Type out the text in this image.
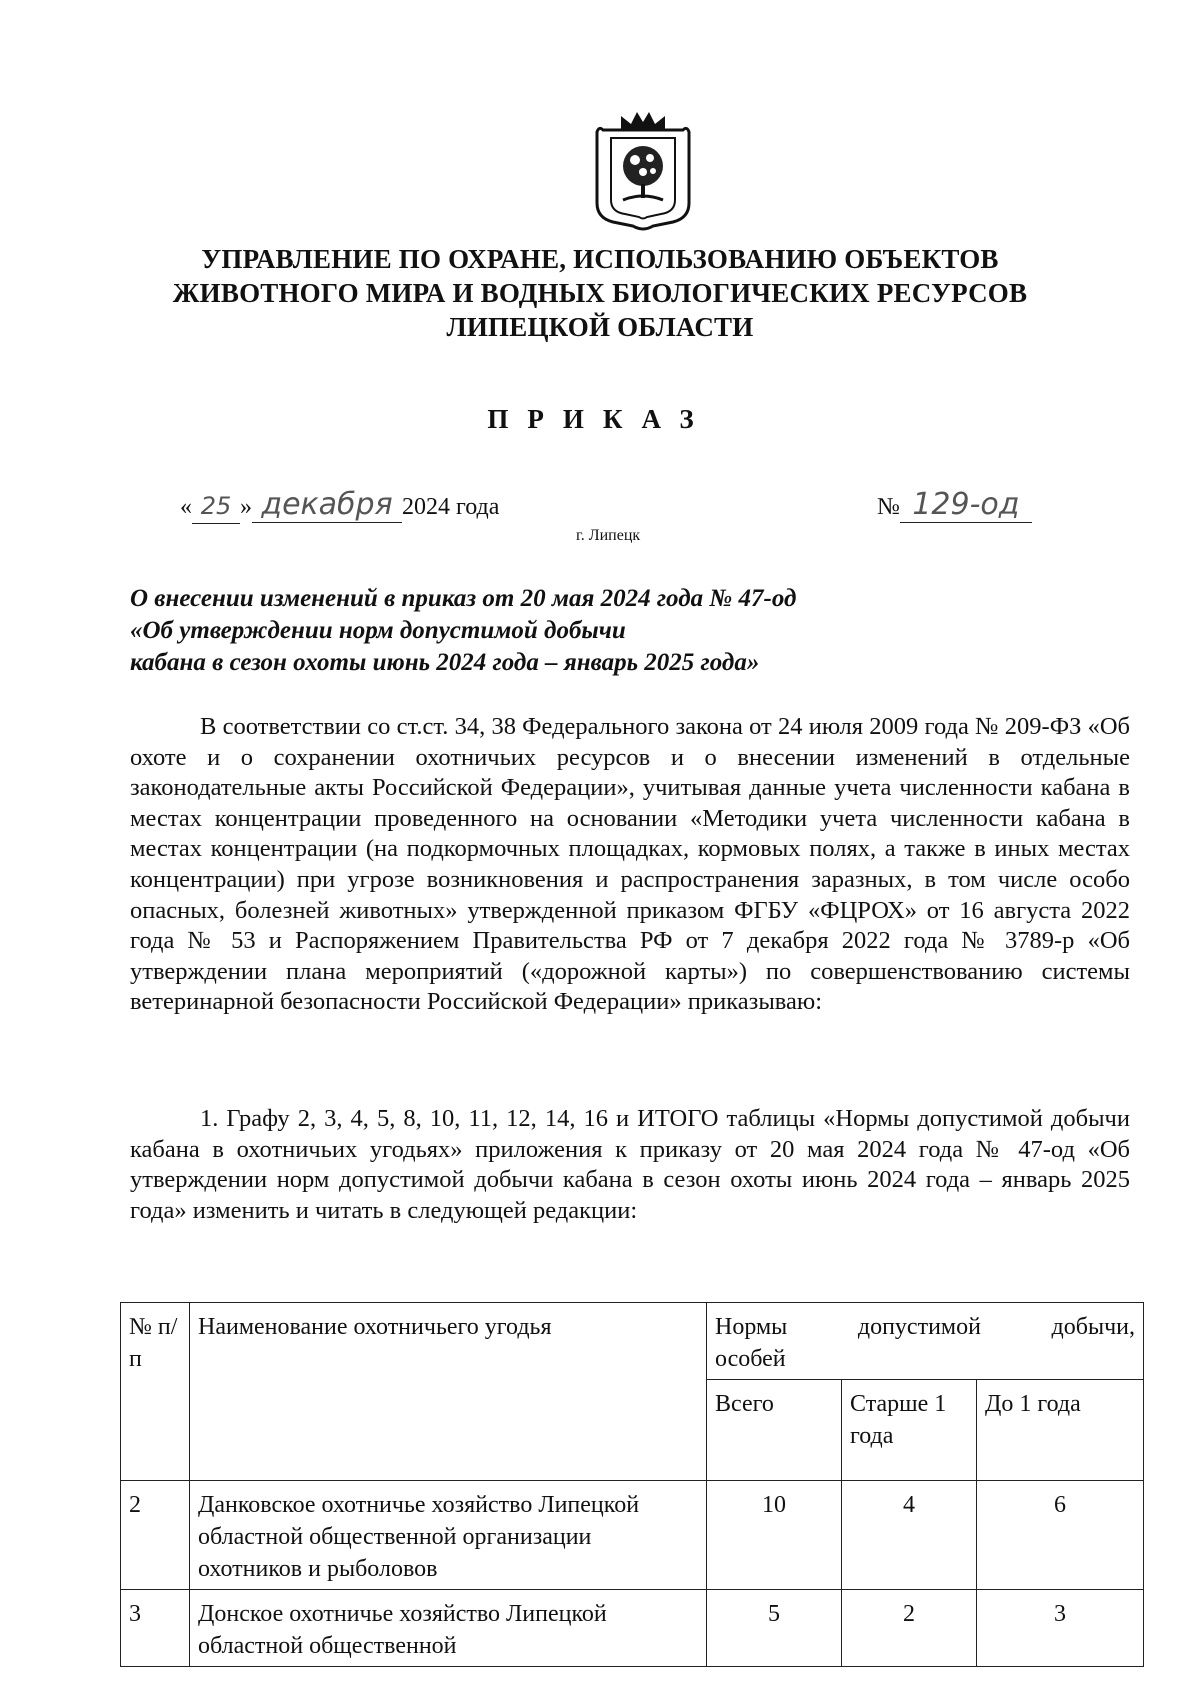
УПРАВЛЕНИЕ ПО ОХРАНЕ, ИСПОЛЬЗОВАНИЮ ОБЪЕКТОВ
ЖИВОТНОГО МИРА И ВОДНЫХ БИОЛОГИЧЕСКИХ РЕСУРСОВ
ЛИПЕЦКОЙ ОБЛАСТИ
ПРИКАЗ
« 25 » декабря 2024 года	№ 129-од
г. Липецк
О внесении изменений в приказ от 20 мая 2024 года № 47-од
«Об утверждении норм допустимой добычи
кабана в сезон охоты июнь 2024 года – январь 2025 года»
В соответствии со ст.ст. 34, 38 Федерального закона от 24 июля 2009 года № 209-ФЗ «Об охоте и о сохранении охотничьих ресурсов и о внесении изменений в отдельные законодательные акты Российской Федерации», учитывая данные учета численности кабана в местах концентрации проведенного на основании «Методики учета численности кабана в местах концентрации (на подкормочных площадках, кормовых полях, а также в иных местах концентрации) при угрозе возникновения и распространения заразных, в том числе особо опасных, болезней животных» утвержденной приказом ФГБУ «ФЦРОХ» от 16 августа 2022 года № 53 и Распоряжением Правительства РФ от 7 декабря 2022 года № 3789-р «Об утверждении плана мероприятий («дорожной карты») по совершенствованию системы ветеринарной безопасности Российской Федерации» приказываю:
1. Графу 2, 3, 4, 5, 8, 10, 11, 12, 14, 16 и ИТОГО таблицы «Нормы допустимой добычи кабана в охотничьих угодьях» приложения к приказу от 20 мая 2024 года № 47-од «Об утверждении норм допустимой добычи кабана в сезон охоты июнь 2024 года – январь 2025 года» изменить и читать в следующей редакции:
№ п/п	Наименование охотничьего угодья	Нормы допустимой добычи,
особей		

		Всего	Старше 1 года	До 1 года
2	Данковское охотничье хозяйство Липецкой областной общественной организации охотников и рыболовов	10	4	6
3	Донское охотничье хозяйство Липецкой областной общественной	5	2	3
